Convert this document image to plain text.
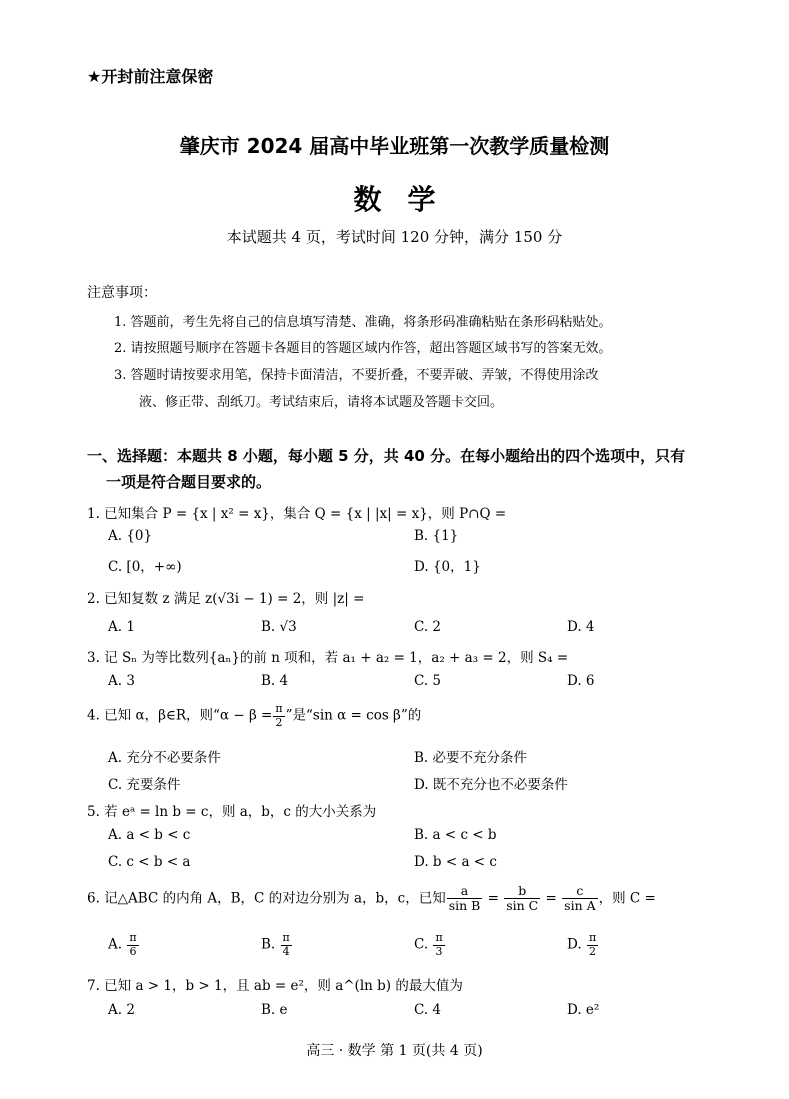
★开封前注意保密
肇庆市 2024 届高中毕业班第一次教学质量检测
数学
本试题共 4 页，考试时间 120 分钟，满分 150 分
注意事项：
1. 答题前，考生先将自己的信息填写清楚、准确，将条形码准确粘贴在条形码粘贴处。
2. 请按照题号顺序在答题卡各题目的答题区域内作答，超出答题区域书写的答案无效。
3. 答题时请按要求用笔，保持卡面清洁，不要折叠，不要弄破、弄皱，不得使用涂改
液、修正带、刮纸刀。考试结束后，请将本试题及答题卡交回。
一、选择题：本题共 8 小题，每小题 5 分，共 40 分。在每小题给出的四个选项中，只有
一项是符合题目要求的。
1. 已知集合 P = {x | x² = x}，集合 Q = {x | |x| = x}，则 P∩Q =
A. {0}	B. {1}
C. [0，+∞)	D. {0，1}
2. 已知复数 z 满足 z(√3i − 1) = 2，则 |z| =
A. 1	B. √3	C. 2	D. 4
3. 记 Sₙ 为等比数列{aₙ}的前 n 项和，若 a₁ + a₂ = 1，a₂ + a₃ = 2，则 S₄ =
A. 3	B. 4	C. 5	D. 6
4. 已知 α，β∈R，则“$\alpha - \beta = \frac{\pi}{2}$ ”是“sin α = cos β”的
A. 充分不必要条件	B. 必要不充分条件
C. 充要条件	D. 既不充分也不必要条件
5. 若 eᵃ = ln b = c，则 a，b，c 的大小关系为
A. a < b < c	B. a < c < b
C. c < b < a	D. b < a < c
6. 记△ABC 的内角 A，B，C 的对边分别为 a，b，c，已知 $\frac{a}{\text{sin B}} = \frac{b}{\text{sin C}} = \frac{c}{\text{sin A}}$ ，则 C =
A. $\frac{\pi}{6}$	B. $\frac{\pi}{4}$	C. $\frac{\pi}{3}$	D. $\frac{\pi}{2}$
7. 已知 a > 1，b > 1，且 ab = e²，则 a^(ln b) 的最大值为
A. 2	B. e	C. 4	D. e²
高三 · 数学 第 1 页(共 4 页)
